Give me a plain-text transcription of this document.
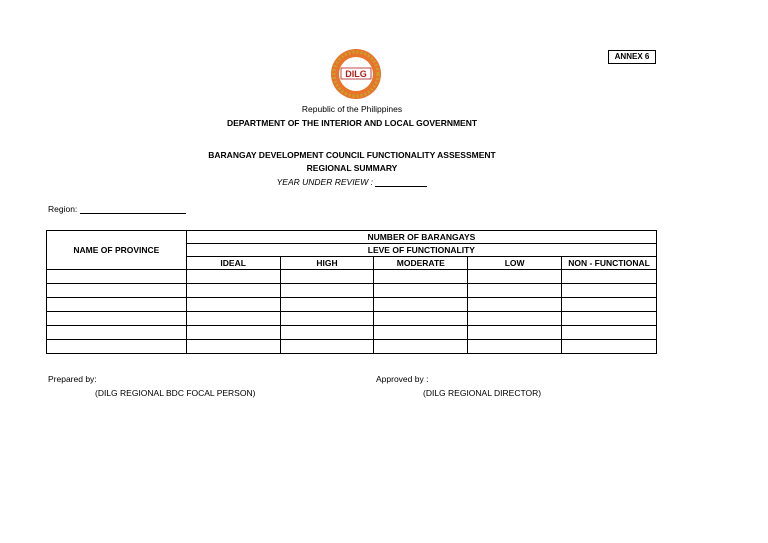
ANNEX 6
DILG
Republic of the Philippines
DEPARTMENT OF THE INTERIOR AND LOCAL GOVERNMENT
BARANGAY DEVELOPMENT COUNCIL FUNCTIONALITY ASSESSMENT
REGIONAL SUMMARY
YEAR UNDER REVIEW :
Region:
NAME OF PROVINCE	NUMBER OF BARANGAYS				
	LEVE OF FUNCTIONALITY				
	IDEAL	HIGH	MODERATE	LOW	NON - FUNCTIONAL

Prepared by:
(DILG REGIONAL BDC FOCAL PERSON)
Approved by :
(DILG REGIONAL DIRECTOR)
